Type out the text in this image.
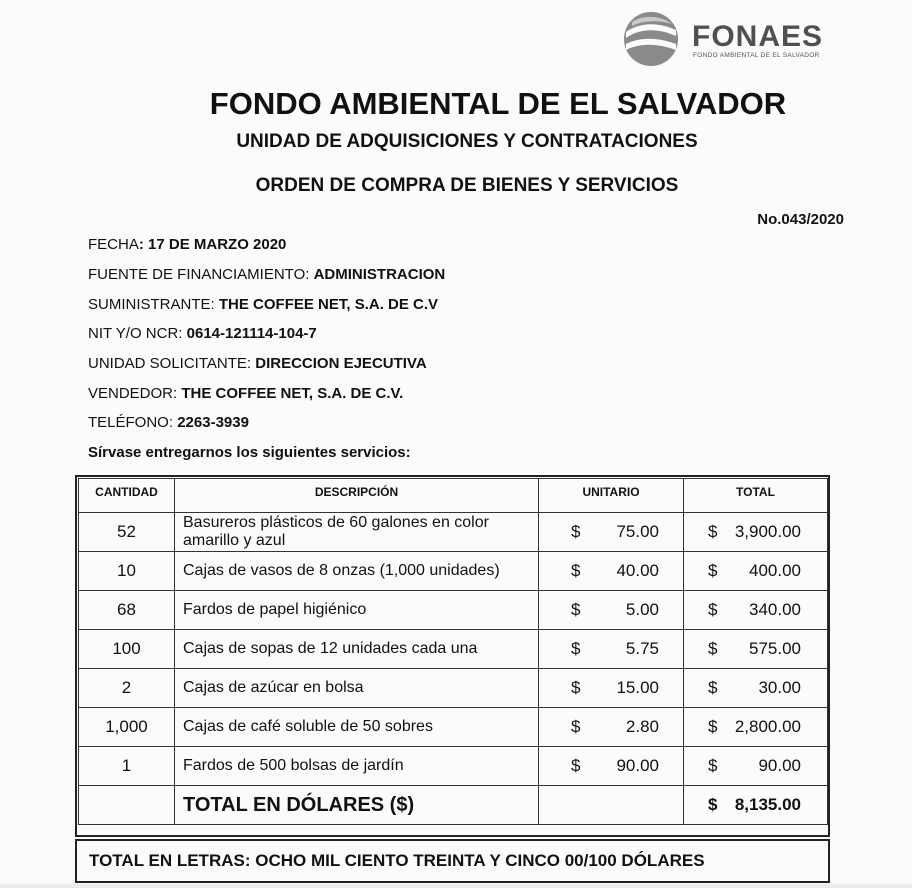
FONAES
FONDO AMBIENTAL DE EL SALVADOR
FONDO AMBIENTAL DE EL SALVADOR
UNIDAD DE ADQUISICIONES Y CONTRATACIONES
ORDEN DE COMPRA DE BIENES Y SERVICIOS
No.043/2020
FECHA: 17 DE MARZO 2020
FUENTE DE FINANCIAMIENTO: ADMINISTRACION
SUMINISTRANTE: THE COFFEE NET, S.A. DE C.V
NIT Y/O NCR: 0614-121114-104-7
UNIDAD SOLICITANTE: DIRECCION EJECUTIVA
VENDEDOR: THE COFFEE NET, S.A. DE C.V.
TELÉFONO: 2263-3939
Sírvase entregarnos los siguientes servicios:
CANTIDAD	DESCRIPCIÓN	UNITARIO	TOTAL
52	Basureros plásticos de 60 galones en color amarillo y azul	$ 75.00	$ 3,900.00

10	Cajas de vasos de 8 onzas (1,000 unidades)	$ 40.00	$ 400.00

68	Fardos de papel higiénico	$ 5.00	$ 340.00

100	Cajas de sopas de 12 unidades cada una	$ 5.75	$ 575.00

2	Cajas de azúcar en bolsa	$ 15.00	$ 30.00

1,000	Cajas de café soluble de 50 sobres	$ 2.80	$ 2,800.00

1	Fardos de 500 bolsas de jardín	$ 90.00	$ 90.00

	TOTAL EN DÓLARES ($)		$ 8,135.00
TOTAL EN LETRAS: OCHO MIL CIENTO TREINTA Y CINCO 00/100 DÓLARES
